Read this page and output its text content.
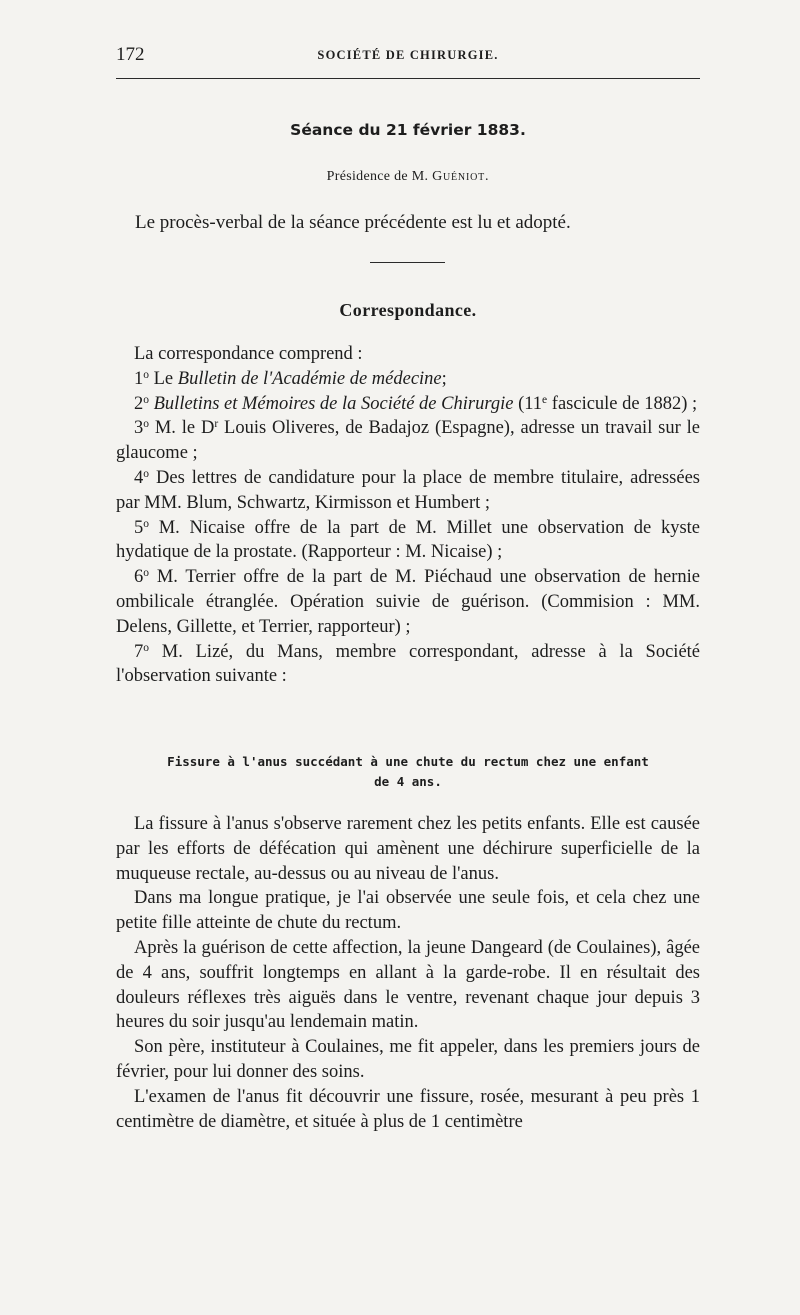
172	SOCIÉTÉ DE CHIRURGIE.
Séance du 21 février 1883.
Présidence de M. Guéniot.
Le procès-verbal de la séance précédente est lu et adopté.
Correspondance.

La correspondance comprend :

1$^o$ Le Bulletin de l'Académie de médecine;

2$^o$ Bulletins et Mémoires de la Société de Chirurgie (11e fascicule de 1882) ;

3$^o$ M. le $D^r$ Louis Oliveres, de Badajoz (Espagne), adresse un travail sur le glaucome ;

4$^o$ Des lettres de candidature pour la place de membre titulaire, adressées par MM. Blum, Schwartz, Kirmisson et Humbert ;

5$^o$ M. Nicaise offre de la part de M. Millet une observation de kyste hydatique de la prostate. (Rapporteur : M. Nicaise) ;

6$^o$ M. Terrier offre de la part de M. Piéchaud une observation de hernie ombilicale étranglée. Opération suivie de guérison. (Commision : MM. Delens, Gillette, et Terrier, rapporteur) ;

7$^o$ M. Lizé, du Mans, membre correspondant, adresse à la Société l'observation suivante :

Fissure à l'anus succédant à une chute du rectum chez une enfant
de 4 ans.

La fissure à l'anus s'observe rarement chez les petits enfants. Elle est causée par les efforts de défécation qui amènent une déchirure superficielle de la muqueuse rectale, au-dessus ou au niveau de l'anus.

Dans ma longue pratique, je l'ai observée une seule fois, et cela chez une petite fille atteinte de chute du rectum.

Après la guérison de cette affection, la jeune Dangeard (de Coulaines), âgée de 4 ans, souffrit longtemps en allant à la garde-robe. Il en résultait des douleurs réflexes très aiguës dans le ventre, revenant chaque jour depuis 3 heures du soir jusqu'au lendemain matin.

Son père, instituteur à Coulaines, me fit appeler, dans les premiers jours de février, pour lui donner des soins.

L'examen de l'anus fit découvrir une fissure, rosée, mesurant à peu près 1 centimètre de diamètre, et située à plus de 1 centimètre
